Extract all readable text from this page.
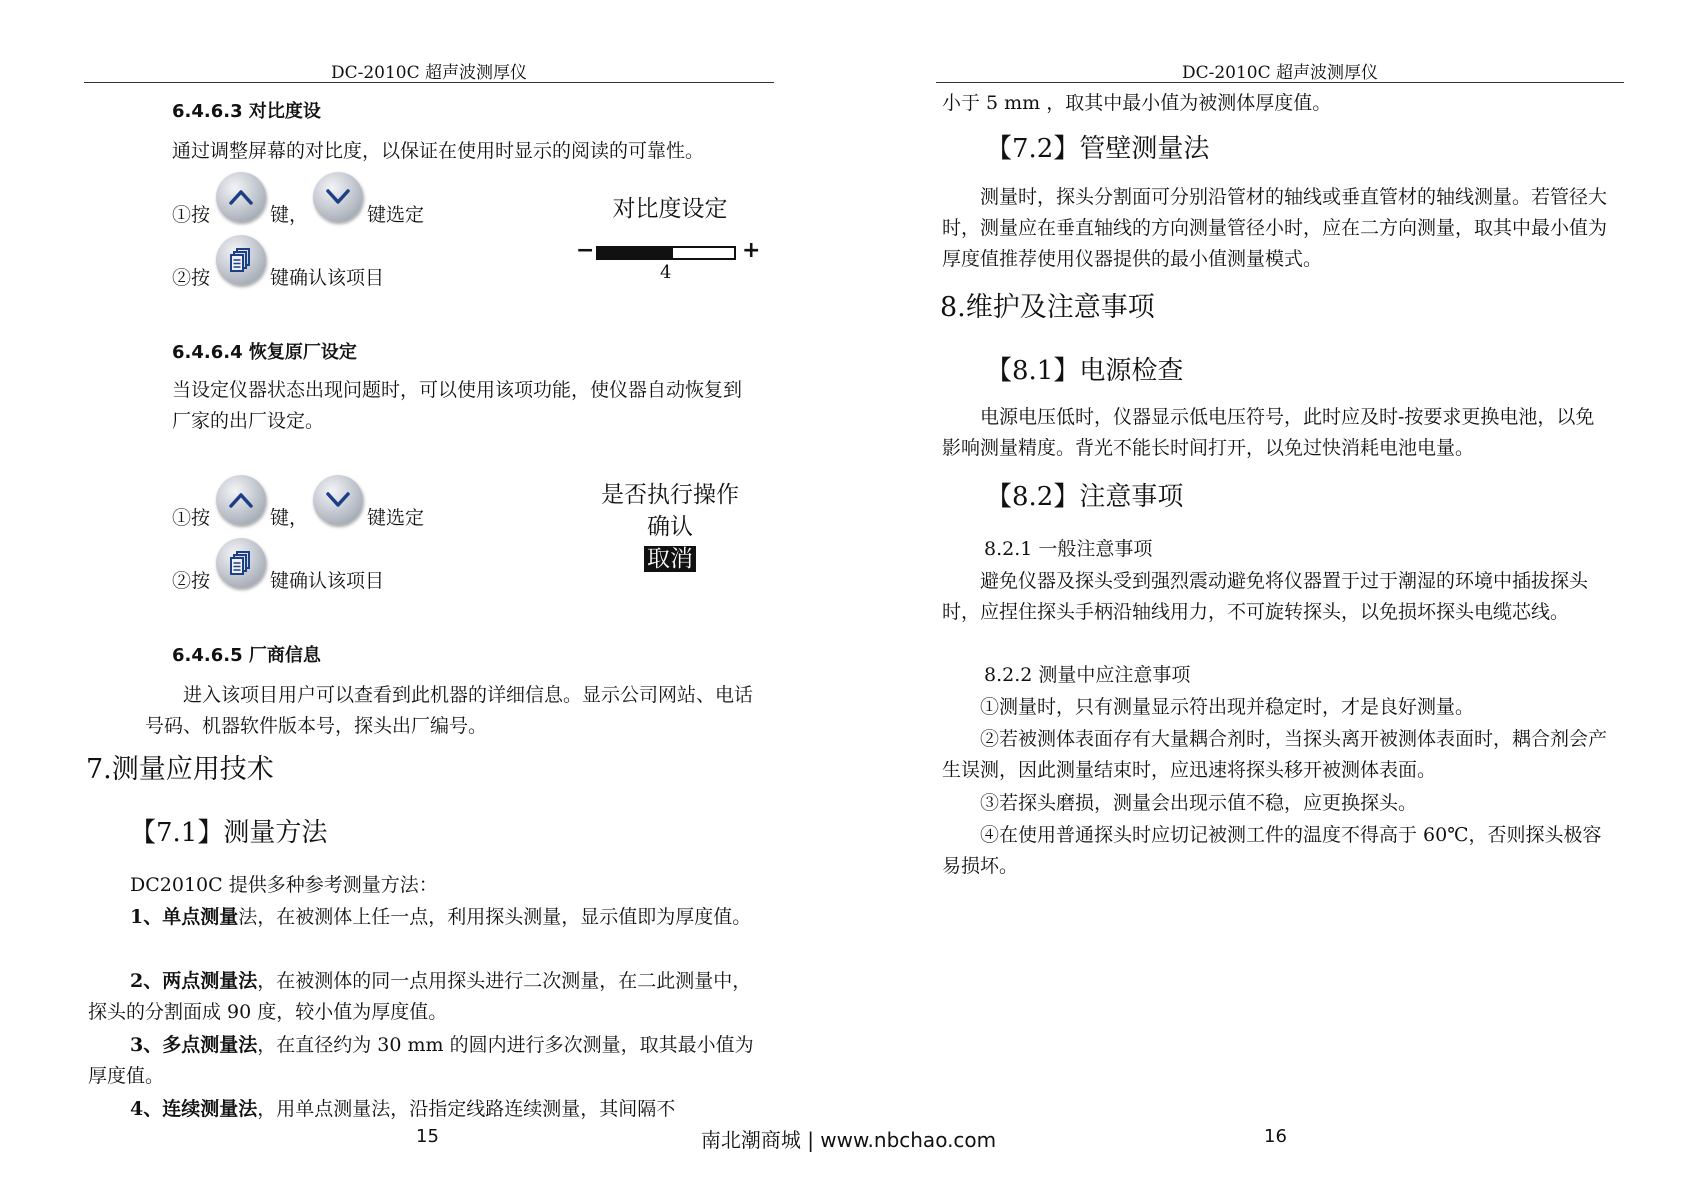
DC-2010C 超声波测厚仪
6.4.6.3 对比度设
通过调整屏幕的对比度，以保证在使用时显示的阅读的可靠性。
①按	键，	键选定
②按	键确认该项目
对比度设定
−	+
4
6.4.6.4 恢复原厂设定
当设定仪器状态出现问题时，可以使用该项功能，使仪器自动恢复到厂家的出厂设定。
①按	键，	键选定
②按	键确认该项目
是否执行操作
确认
取消
6.4.6.5 厂商信息
进入该项目用户可以查看到此机器的详细信息。显示公司网站、电话号码、机器软件版本号，探头出厂编号。
7.测量应用技术
【7.1】测量方法
DC2010C 提供多种参考测量方法：

1、单点测量法，在被测体上任一点，利用探头测量，显示值即为厚度值。

2、两点测量法，在被测体的同一点用探头进行二次测量，在二此测量中，探头的分割面成 90 度，较小值为厚度值。

3、多点测量法，在直径约为 30 mm 的圆内进行多次测量，取其最小值为厚度值。

4、连续测量法，用单点测量法，沿指定线路连续测量，其间隔不

15
DC-2010C 超声波测厚仪
小于 5 mm ，取其中最小值为被测体厚度值。
【7.2】管壁测量法
测量时，探头分割面可分别沿管材的轴线或垂直管材的轴线测量。若管径大时，测量应在垂直轴线的方向测量管径小时，应在二方向测量，取其中最小值为厚度值推荐使用仪器提供的最小值测量模式。
8.维护及注意事项
【8.1】电源检查
电源电压低时，仪器显示低电压符号，此时应及时-按要求更换电池，以免影响测量精度。背光不能长时间打开，以免过快消耗电池电量。
【8.2】注意事项
8.2.1 一般注意事项
避免仪器及探头受到强烈震动避免将仪器置于过于潮湿的环境中插拔探头时，应捏住探头手柄沿轴线用力，不可旋转探头，以免损坏探头电缆芯线。
8.2.2 测量中应注意事项
①测量时，只有测量显示符出现并稳定时，才是良好测量。
②若被测体表面存有大量耦合剂时，当探头离开被测体表面时，耦合剂会产生误测，因此测量结束时，应迅速将探头移开被测体表面。
③若探头磨损，测量会出现示值不稳，应更换探头。
④在使用普通探头时应切记被测工件的温度不得高于 60℃，否则探头极容易损坏。
16
南北潮商城 | www.nbchao.com
